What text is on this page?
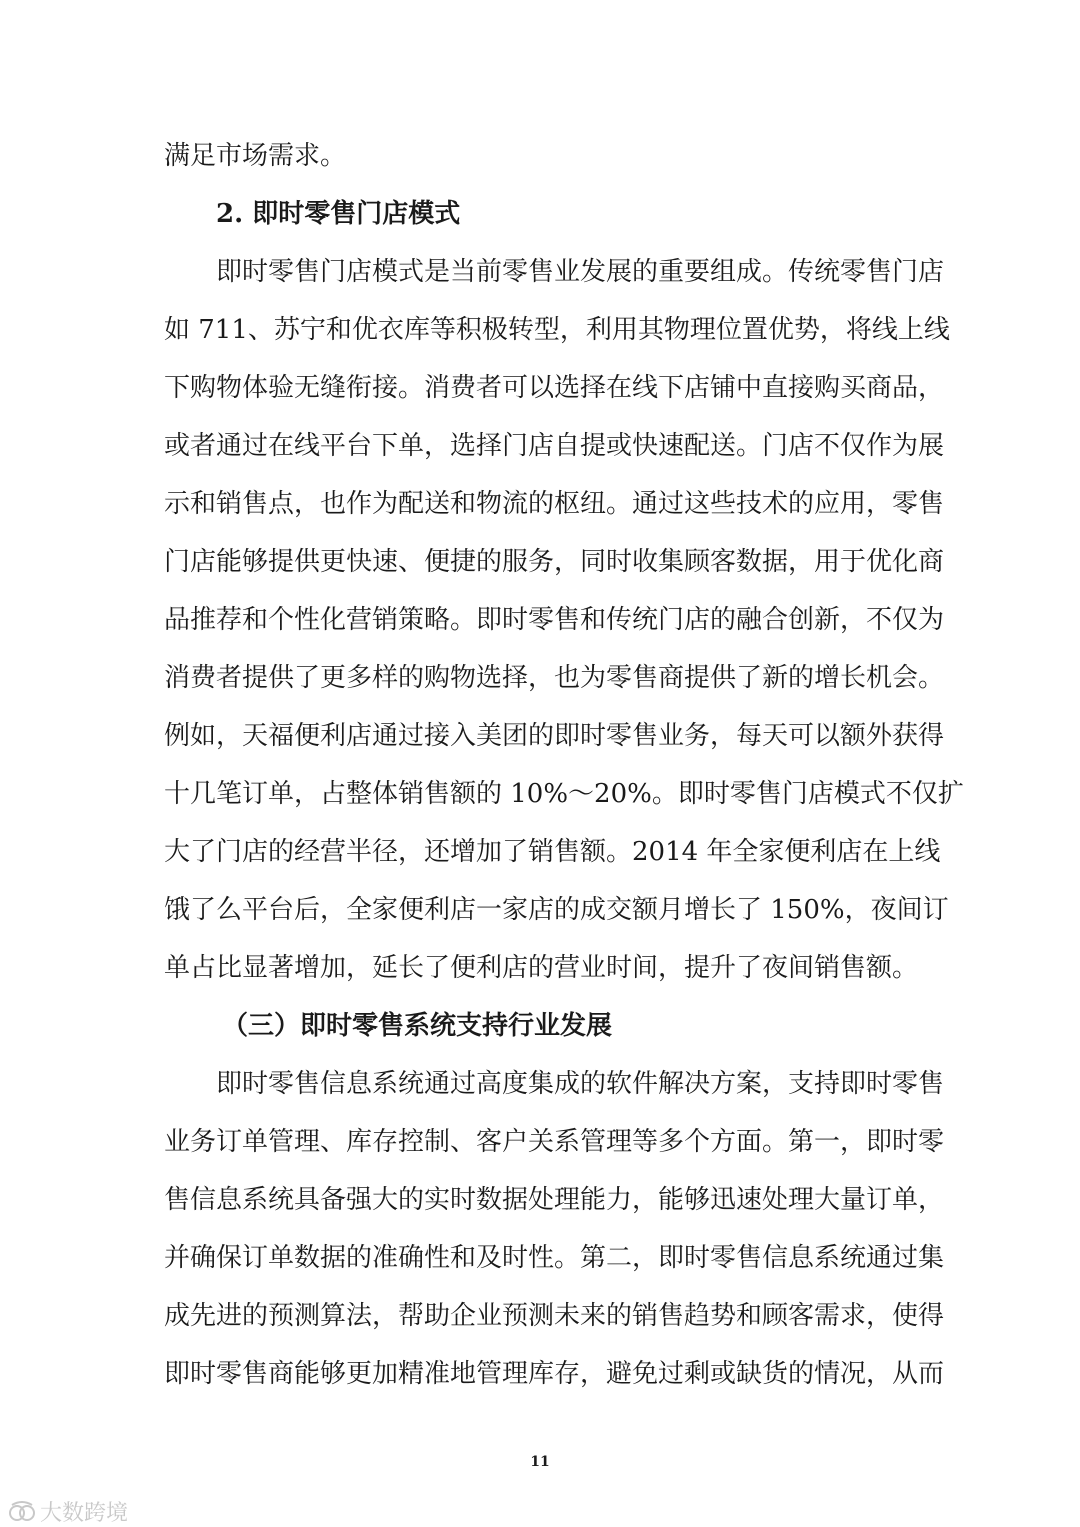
满足市场需求。
2. 即时零售门店模式
即时零售门店模式是当前零售业发展的重要组成。传统零售门店
如 711、苏宁和优衣库等积极转型，利用其物理位置优势，将线上线
下购物体验无缝衔接。消费者可以选择在线下店铺中直接购买商品，
或者通过在线平台下单，选择门店自提或快速配送。门店不仅作为展
示和销售点，也作为配送和物流的枢纽。通过这些技术的应用，零售
门店能够提供更快速、便捷的服务，同时收集顾客数据，用于优化商
品推荐和个性化营销策略。即时零售和传统门店的融合创新，不仅为
消费者提供了更多样的购物选择，也为零售商提供了新的增长机会。
例如，天福便利店通过接入美团的即时零售业务，每天可以额外获得
十几笔订单，占整体销售额的 10%～20%。即时零售门店模式不仅扩
大了门店的经营半径，还增加了销售额。2014 年全家便利店在上线
饿了么平台后，全家便利店一家店的成交额月增长了 150%，夜间订
单占比显著增加，延长了便利店的营业时间，提升了夜间销售额。
（三）即时零售系统支持行业发展
即时零售信息系统通过高度集成的软件解决方案，支持即时零售
业务订单管理、库存控制、客户关系管理等多个方面。第一，即时零
售信息系统具备强大的实时数据处理能力，能够迅速处理大量订单，
并确保订单数据的准确性和及时性。第二，即时零售信息系统通过集
成先进的预测算法，帮助企业预测未来的销售趋势和顾客需求，使得
即时零售商能够更加精准地管理库存，避免过剩或缺货的情况，从而
11
大数跨境
